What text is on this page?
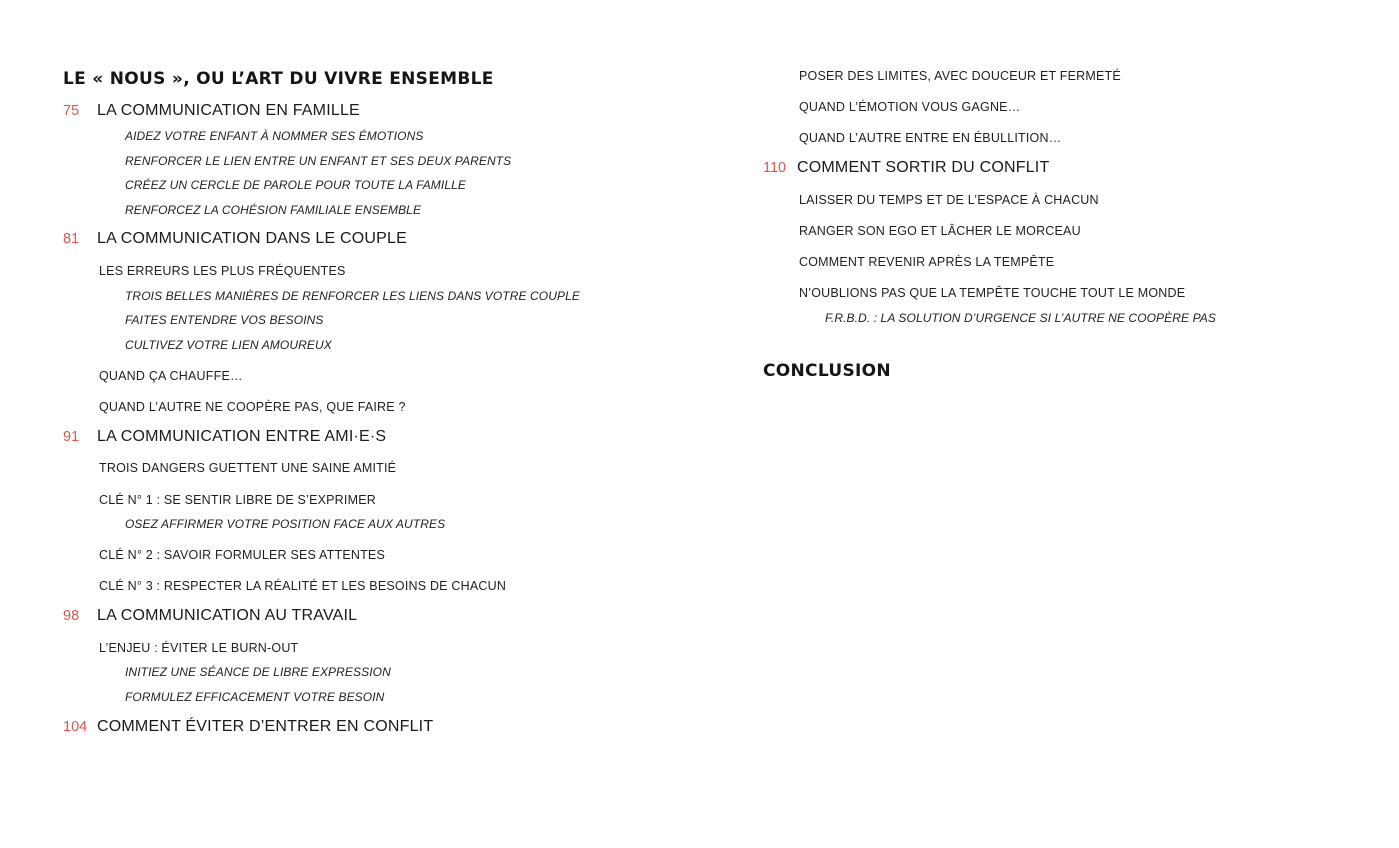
LE « NOUS », OU L’ART DU VIVRE ENSEMBLE
75 LA COMMUNICATION EN FAMILLE
AIDEZ VOTRE ENFANT À NOMMER SES ÉMOTIONS
RENFORCER LE LIEN ENTRE UN ENFANT ET SES DEUX PARENTS
CRÉEZ UN CERCLE DE PAROLE POUR TOUTE LA FAMILLE
RENFORCEZ LA COHÉSION FAMILIALE ENSEMBLE
81 LA COMMUNICATION DANS LE COUPLE
LES ERREURS LES PLUS FRÉQUENTES
TROIS BELLES MANIÈRES DE RENFORCER LES LIENS DANS VOTRE COUPLE
FAITES ENTENDRE VOS BESOINS
CULTIVEZ VOTRE LIEN AMOUREUX
QUAND ÇA CHAUFFE…
QUAND L’AUTRE NE COOPÈRE PAS, QUE FAIRE ?
91 LA COMMUNICATION ENTRE AMI·E·S
TROIS DANGERS GUETTENT UNE SAINE AMITIÉ
CLÉ N° 1 : SE SENTIR LIBRE DE S’EXPRIMER
OSEZ AFFIRMER VOTRE POSITION FACE AUX AUTRES
CLÉ N° 2 : SAVOIR FORMULER SES ATTENTES
CLÉ N° 3 : RESPECTER LA RÉALITÉ ET LES BESOINS DE CHACUN
98 LA COMMUNICATION AU TRAVAIL
L’ENJEU : ÉVITER LE BURN-OUT
INITIEZ UNE SÉANCE DE LIBRE EXPRESSION
FORMULEZ EFFICACEMENT VOTRE BESOIN
104 COMMENT ÉVITER D’ENTRER EN CONFLIT
POSER DES LIMITES, AVEC DOUCEUR ET FERMETÉ
QUAND L’ÉMOTION VOUS GAGNE…
QUAND L’AUTRE ENTRE EN ÉBULLITION…
110 COMMENT SORTIR DU CONFLIT
LAISSER DU TEMPS ET DE L’ESPACE À CHACUN
RANGER SON EGO ET LÂCHER LE MORCEAU
COMMENT REVENIR APRÈS LA TEMPÊTE
N’OUBLIONS PAS QUE LA TEMPÊTE TOUCHE TOUT LE MONDE
F.R.B.D. : LA SOLUTION D’URGENCE SI L’AUTRE NE COOPÈRE PAS
CONCLUSION
